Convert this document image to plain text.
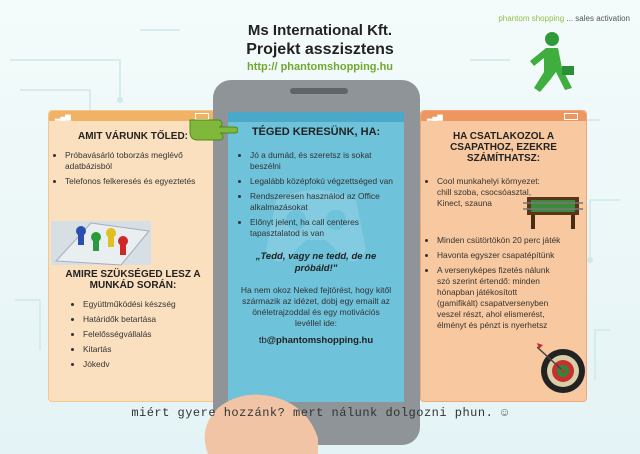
phantom shopping ... sales activation
Ms International Kft.
Projekt asszisztens
http:// phantomshopping.hu
▂▄▆
AMIT VÁRUNK TŐLED:
• Próbavásárló toborzás meglévő adatbázisból
• Telefonos felkeresés és egyeztetés
AMIRE SZÜKSÉGED LESZ A MUNKÁD SORÁN:
• Együttműködési készség
• Határidők betartása
• Felelősségvállalás
• Kitartás
• Jókedv
▂▄▆
HA CSATLAKOZOL A CSAPATHOZ, EZEKRE SZÁMÍTHATSZ:
• Cool munkahelyi környezet: chill szoba, csocsóasztal, Kinect, szauna
• Minden csütörtökön 20 perc játék
• Havonta egyszer csapatépítünk
• A versenyképes fizetés nálunk szó szerint értendő: minden hónapban játékosított (gamifikált) csapatversenyben veszel részt, ahol elismerést, élményt és pénzt is nyerhetsz
TÉGED KERESÜNK, HA:
• Jó a dumád, és szeretsz is sokat beszélni
• Legalább középfokú végzettséged van
• Rendszeresen használod az Office alkalmazásokat
• Előnyt jelent, ha call centeres tapasztalatod is van
„Tedd, vagy ne tedd, de ne próbáld!"
Ha nem okoz Neked fejtörést, hogy kitől származik az idézet, dobj egy emailt az önéletrajzoddal és egy motivációs levéllel ide:
tb@phantomshopping.hu
miért gyere hozzánk? mert nálunk dolgozni phun. ☺
